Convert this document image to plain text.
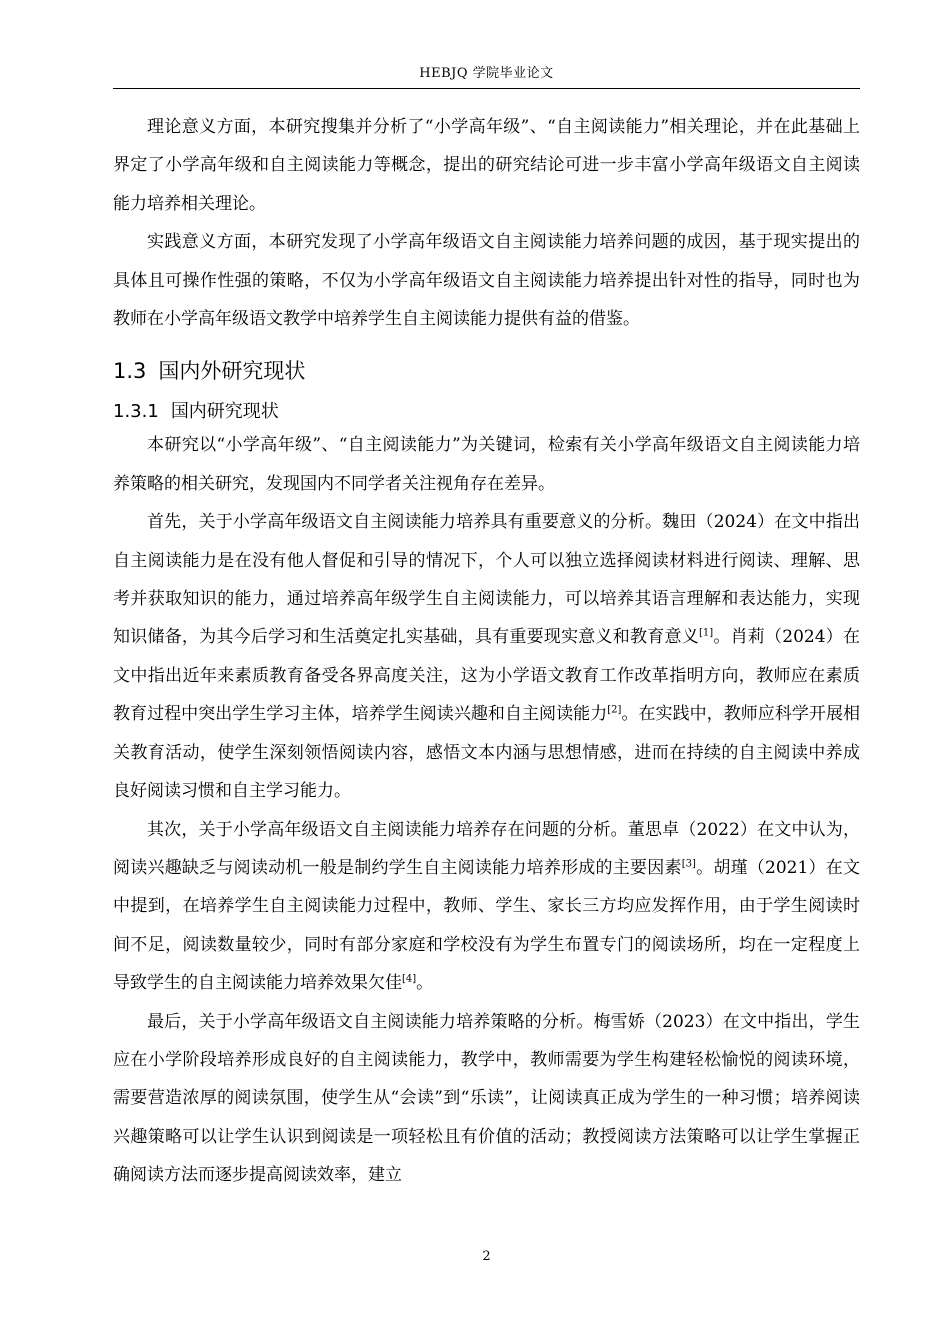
HEBJQ 学院毕业论文

理论意义方面，本研究搜集并分析了“小学高年级”、“自主阅读能力”相关理论，并在此基础上界定了小学高年级和自主阅读能力等概念，提出的研究结论可进一步丰富小学高年级语文自主阅读能力培养相关理论。

实践意义方面，本研究发现了小学高年级语文自主阅读能力培养问题的成因，基于现实提出的具体且可操作性强的策略，不仅为小学高年级语文自主阅读能力培养提出针对性的指导，同时也为教师在小学高年级语文教学中培养学生自主阅读能力提供有益的借鉴。

1.3 国内外研究现状
1.3.1 国内研究现状

本研究以“小学高年级”、“自主阅读能力”为关键词，检索有关小学高年级语文自主阅读能力培养策略的相关研究，发现国内不同学者关注视角存在差异。

首先，关于小学高年级语文自主阅读能力培养具有重要意义的分析。魏田（2024）在文中指出自主阅读能力是在没有他人督促和引导的情况下，个人可以独立选择阅读材料进行阅读、理解、思考并获取知识的能力，通过培养高年级学生自主阅读能力，可以培养其语言理解和表达能力，实现知识储备，为其今后学习和生活奠定扎实基础，具有重要现实意义和教育意义[1]。肖莉（2024）在文中指出近年来素质教育备受各界高度关注，这为小学语文教育工作改革指明方向，教师应在素质教育过程中突出学生学习主体，培养学生阅读兴趣和自主阅读能力[2]。在实践中，教师应科学开展相关教育活动，使学生深刻领悟阅读内容，感悟文本内涵与思想情感，进而在持续的自主阅读中养成良好阅读习惯和自主学习能力。

其次，关于小学高年级语文自主阅读能力培养存在问题的分析。董思卓（2022）在文中认为，阅读兴趣缺乏与阅读动机一般是制约学生自主阅读能力培养形成的主要因素[3]。胡瑾（2021）在文中提到，在培养学生自主阅读能力过程中，教师、学生、家长三方均应发挥作用，由于学生阅读时间不足，阅读数量较少，同时有部分家庭和学校没有为学生布置专门的阅读场所，均在一定程度上导致学生的自主阅读能力培养效果欠佳[4]。

最后，关于小学高年级语文自主阅读能力培养策略的分析。梅雪娇（2023）在文中指出，学生应在小学阶段培养形成良好的自主阅读能力，教学中，教师需要为学生构建轻松愉悦的阅读环境，需要营造浓厚的阅读氛围，使学生从“会读”到“乐读”，让阅读真正成为学生的一种习惯；培养阅读兴趣策略可以让学生认识到阅读是一项轻松且有价值的活动；教授阅读方法策略可以让学生掌握正确阅读方法而逐步提高阅读效率，建立

2
